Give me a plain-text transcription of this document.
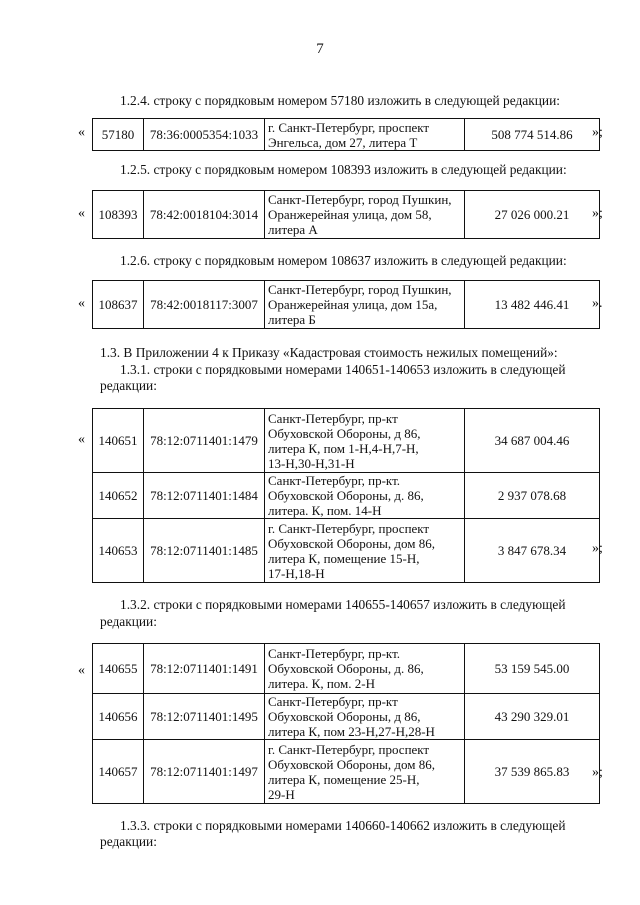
7
1.2.4. строку с порядковым номером 57180 изложить в следующей редакции:
« 57180	78:36:0005354:1033	г. Санкт-Петербург, проспект
Энгельса, дом 27, литера Т	508 774 514.86 »;
1.2.5. строку с порядковым номером 108393 изложить в следующей редакции:
« 108393	78:42:0018104:3014	
Санкт-Петербург, город Пушкин,
Оранжерейная улица, дом 58,
литера А
	27 026 000.21 »;
1.2.6. строку с порядковым номером 108637 изложить в следующей редакции:
« 108637	78:42:0018117:3007	
Санкт-Петербург, город Пушкин,
Оранжерейная улица, дом 15а,
литера Б
	13 482 446.41 ».
1.3. В Приложении 4 к Приказу «Кадастровая стоимость нежилых помещений»:
1.3.1. строки с порядковыми номерами 140651-140653 изложить в следующей
редакции:
« 140651	78:12:0711401:1479	Санкт-Петербург, пр-кт
Обуховской Обороны, д 86,
литера К, пом 1-Н,4-Н,7-Н,
13-Н,30-Н,31-Н	34 687 004.46
140652	78:12:0711401:1484	Санкт-Петербург, пр-кт.
Обуховской Обороны, д. 86,
литера. К, пом. 14-Н	2 937 078.68
140653	78:12:0711401:1485	г. Санкт-Петербург, проспект
Обуховской Обороны, дом 86,
литера К, помещение 15-Н,
17-Н,18-Н	3 847 678.34 »;
1.3.2. строки с порядковыми номерами 140655-140657 изложить в следующей
редакции:
« 140655	78:12:0711401:1491	Санкт-Петербург, пр-кт.
Обуховской Обороны, д. 86,
литера. К, пом. 2-Н	53 159 545.00
140656	78:12:0711401:1495	Санкт-Петербург, пр-кт
Обуховской Обороны, д 86,
литера К, пом 23-Н,27-Н,28-Н	43 290 329.01
140657	78:12:0711401:1497	г. Санкт-Петербург, проспект
Обуховской Обороны, дом 86,
литера К, помещение 25-Н,
29-Н	37 539 865.83 »;
1.3.3. строки с порядковыми номерами 140660-140662 изложить в следующей
редакции:
